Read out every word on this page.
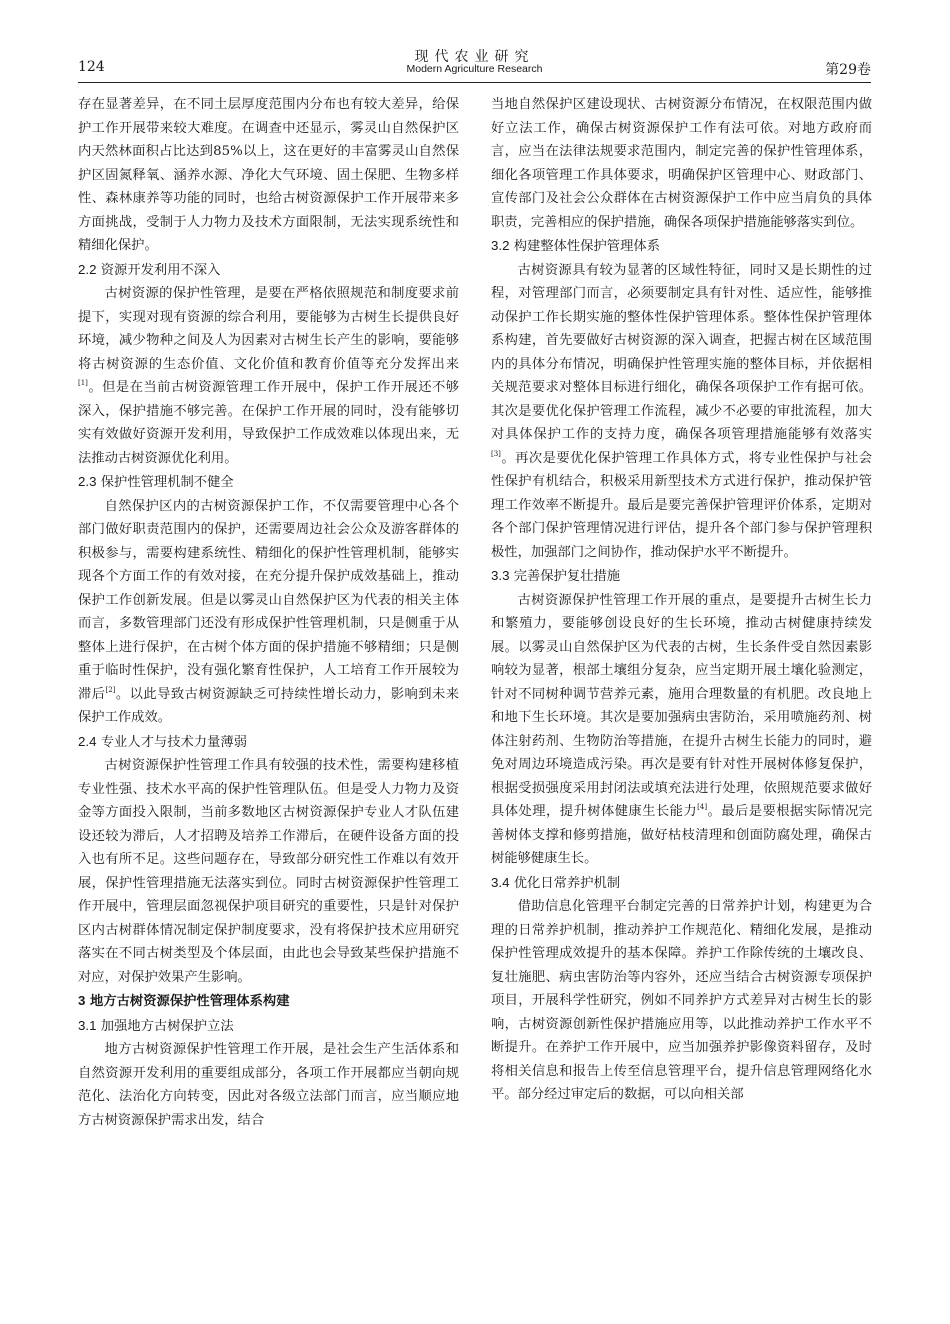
124
现代农业研究
Modern Agriculture Research	第29卷

存在显著差异，在不同土层厚度范围内分布也有较大差异，给保护工作开展带来较大难度。在调查中还显示，雾灵山自然保护区内天然林面积占比达到85%以上，这在更好的丰富雾灵山自然保护区固氮释氧、涵养水源、净化大气环境、固土保肥、生物多样性、森林康养等功能的同时，也给古树资源保护工作开展带来多方面挑战，受制于人力物力及技术方面限制，无法实现系统性和精细化保护。

2.2 资源开发利用不深入

古树资源的保护性管理，是要在严格依照规范和制度要求前提下，实现对现有资源的综合利用，要能够为古树生长提供良好环境，减少物种之间及人为因素对古树生长产生的影响，要能够将古树资源的生态价值、文化价值和教育价值等充分发挥出来[1]。但是在当前古树资源管理工作开展中，保护工作开展还不够深入，保护措施不够完善。在保护工作开展的同时，没有能够切实有效做好资源开发利用，导致保护工作成效难以体现出来，无法推动古树资源优化利用。

2.3 保护性管理机制不健全

自然保护区内的古树资源保护工作，不仅需要管理中心各个部门做好职责范围内的保护，还需要周边社会公众及游客群体的积极参与，需要构建系统性、精细化的保护性管理机制，能够实现各个方面工作的有效对接，在充分提升保护成效基础上，推动保护工作创新发展。但是以雾灵山自然保护区为代表的相关主体而言，多数管理部门还没有形成保护性管理机制，只是侧重于从整体上进行保护，在古树个体方面的保护措施不够精细；只是侧重于临时性保护，没有强化繁育性保护，人工培育工作开展较为滞后[2]。以此导致古树资源缺乏可持续性增长动力，影响到未来保护工作成效。

2.4 专业人才与技术力量薄弱

古树资源保护性管理工作具有较强的技术性，需要构建移植专业性强、技术水平高的保护性管理队伍。但是受人力物力及资金等方面投入限制，当前多数地区古树资源保护专业人才队伍建设还较为滞后，人才招聘及培养工作滞后，在硬件设备方面的投入也有所不足。这些问题存在，导致部分研究性工作难以有效开展，保护性管理措施无法落实到位。同时古树资源保护性管理工作开展中，管理层面忽视保护项目研究的重要性，只是针对保护区内古树群体情况制定保护制度要求，没有将保护技术应用研究落实在不同古树类型及个体层面，由此也会导致某些保护措施不对应，对保护效果产生影响。

3 地方古树资源保护性管理体系构建

3.1 加强地方古树保护立法

地方古树资源保护性管理工作开展，是社会生产生活体系和自然资源开发利用的重要组成部分，各项工作开展都应当朝向规范化、法治化方向转变，因此对各级立法部门而言，应当顺应地方古树资源保护需求出发，结合

当地自然保护区建设现状、古树资源分布情况，在权限范围内做好立法工作，确保古树资源保护工作有法可依。对地方政府而言，应当在法律法规要求范围内，制定完善的保护性管理体系，细化各项管理工作具体要求，明确保护区管理中心、财政部门、宣传部门及社会公众群体在古树资源保护工作中应当肩负的具体职责，完善相应的保护措施，确保各项保护措施能够落实到位。

3.2 构建整体性保护管理体系

古树资源具有较为显著的区域性特征，同时又是长期性的过程，对管理部门而言，必须要制定具有针对性、适应性，能够推动保护工作长期实施的整体性保护管理体系。整体性保护管理体系构建，首先要做好古树资源的深入调查，把握古树在区域范围内的具体分布情况，明确保护性管理实施的整体目标，并依据相关规范要求对整体目标进行细化，确保各项保护工作有据可依。其次是要优化保护管理工作流程，减少不必要的审批流程，加大对具体保护工作的支持力度，确保各项管理措施能够有效落实[3]。再次是要优化保护管理工作具体方式，将专业性保护与社会性保护有机结合，积极采用新型技术方式进行保护，推动保护管理工作效率不断提升。最后是要完善保护管理评价体系，定期对各个部门保护管理情况进行评估，提升各个部门参与保护管理积极性，加强部门之间协作，推动保护水平不断提升。

3.3 完善保护复壮措施

古树资源保护性管理工作开展的重点，是要提升古树生长力和繁殖力，要能够创设良好的生长环境，推动古树健康持续发展。以雾灵山自然保护区为代表的古树，生长条件受自然因素影响较为显著，根部土壤组分复杂，应当定期开展土壤化验测定，针对不同树种调节营养元素，施用合理数量的有机肥。改良地上和地下生长环境。其次是要加强病虫害防治，采用喷施药剂、树体注射药剂、生物防治等措施，在提升古树生长能力的同时，避免对周边环境造成污染。再次是要有针对性开展树体修复保护，根据受损强度采用封闭法或填充法进行处理，依照规范要求做好具体处理，提升树体健康生长能力[4]。最后是要根据实际情况完善树体支撑和修剪措施，做好枯枝清理和创面防腐处理，确保古树能够健康生长。

3.4 优化日常养护机制

借助信息化管理平台制定完善的日常养护计划，构建更为合理的日常养护机制，推动养护工作规范化、精细化发展，是推动保护性管理成效提升的基本保障。养护工作除传统的土壤改良、复壮施肥、病虫害防治等内容外，还应当结合古树资源专项保护项目，开展科学性研究，例如不同养护方式差异对古树生长的影响，古树资源创新性保护措施应用等，以此推动养护工作水平不断提升。在养护工作开展中，应当加强养护影像资料留存，及时将相关信息和报告上传至信息管理平台，提升信息管理网络化水平。部分经过审定后的数据，可以向相关部
